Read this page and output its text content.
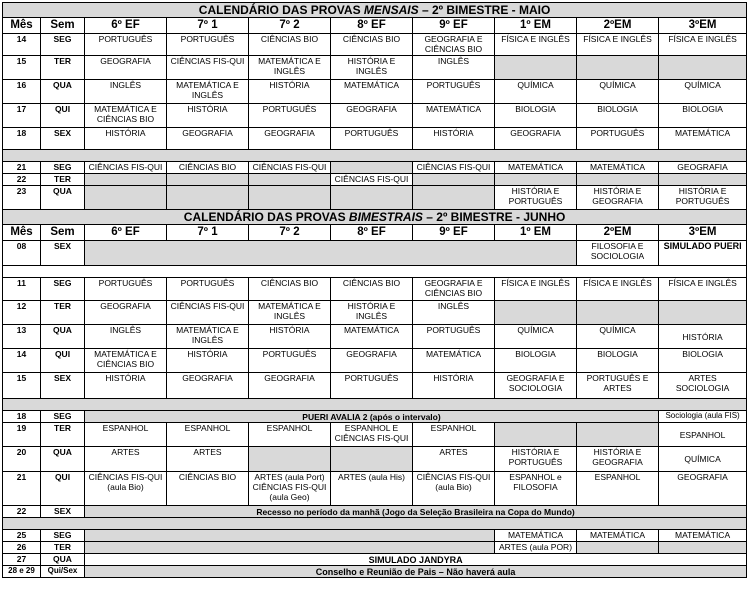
CALENDÁRIO DAS PROVAS MENSAIS – 2º BIMESTRE - MAIO									
Mês	Sem	6º EF	7º 1	7º 2	8º EF	9º EF	1º EM	2ºEM	3ºEM
14	SEG	PORTUGUÊS	PORTUGUÊS	CIÊNCIAS BIO	CIÊNCIAS BIO	GEOGRAFIA E CIÊNCIAS BIO	FÍSICA E INGLÊS	FÍSICA E INGLÊS	FÍSICA E INGLÊS
15	TER	GEOGRAFIA	CIÊNCIAS FIS-QUI	MATEMÁTICA E INGLÊS	HISTÓRIA E INGLÊS	INGLÊS			
16	QUA	INGLÊS	MATEMÁTICA E INGLÊS	HISTÓRIA	MATEMÁTICA	PORTUGUÊS	QUÍMICA	QUÍMICA	QUÍMICA
17	QUI	MATEMÁTICA E CIÊNCIAS BIO	HISTÓRIA	PORTUGUÊS	GEOGRAFIA	MATEMÁTICA	BIOLOGIA	BIOLOGIA	BIOLOGIA
18	SEX	HISTÓRIA	GEOGRAFIA	GEOGRAFIA	PORTUGUÊS	HISTÓRIA	GEOGRAFIA	PORTUGUÊS	MATEMÁTICA

21	SEG	CIÊNCIAS FIS-QUI	CIÊNCIAS BIO	CIÊNCIAS FIS-QUI		CIÊNCIAS FIS-QUI	MATEMÁTICA	MATEMÁTICA	GEOGRAFIA
22	TER				CIÊNCIAS FIS-QUI				
23	QUA						HISTÓRIA E PORTUGUÊS	HISTÓRIA E GEOGRAFIA	HISTÓRIA E PORTUGUÊS
CALENDÁRIO DAS PROVAS BIMESTRAIS – 2º BIMESTRE - JUNHO									
Mês	Sem	6º EF	7º 1	7º 2	8º EF	9º EF	1º EM	2ºEM	3ºEM
08	SEX							FILOSOFIA E SOCIOLOGIA	SIMULADO PUERI

11	SEG	PORTUGUÊS	PORTUGUÊS	CIÊNCIAS BIO	CIÊNCIAS BIO	GEOGRAFIA E CIÊNCIAS BIO	FÍSICA E INGLÊS	FÍSICA E INGLÊS	FÍSICA E INGLÊS
12	TER	GEOGRAFIA	CIÊNCIAS FIS-QUI	MATEMÁTICA E INGLÊS	HISTÓRIA E INGLÊS	INGLÊS			
13	QUA	INGLÊS	MATEMÁTICA E INGLÊS	HISTÓRIA	MATEMÁTICA	PORTUGUÊS	QUÍMICA	QUÍMICA	HISTÓRIA
14	QUI	MATEMÁTICA E CIÊNCIAS BIO	HISTÓRIA	PORTUGUÊS	GEOGRAFIA	MATEMÁTICA	BIOLOGIA	BIOLOGIA	BIOLOGIA
15	SEX	HISTÓRIA	GEOGRAFIA	GEOGRAFIA	PORTUGUÊS	HISTÓRIA	GEOGRAFIA E SOCIOLOGIA	PORTUGUÊS E ARTES	ARTES SOCIOLOGIA

18	SEG	PUERI AVALIA 2 (após o intervalo)							Sociologia (aula FIS)
19	TER	ESPANHOL	ESPANHOL	ESPANHOL	ESPANHOL E CIÊNCIAS FIS-QUI	ESPANHOL			ESPANHOL
20	QUA	ARTES	ARTES			ARTES	HISTÓRIA E PORTUGUÊS	HISTÓRIA E GEOGRAFIA	QUÍMICA
21	QUI	CIÊNCIAS FIS-QUI (aula Bio)	CIÊNCIAS BIO	ARTES (aula Port) CIÊNCIAS FIS-QUI (aula Geo)	ARTES (aula His)	CIÊNCIAS FIS-QUI (aula Bio)	ESPANHOL e FILOSOFIA	ESPANHOL	GEOGRAFIA
22	SEX	Recesso no período da manhã (Jogo da Seleção Brasileira na Copa do Mundo)							

25	SEG						MATEMÁTICA	MATEMÁTICA	MATEMÁTICA
26	TER						ARTES (aula POR)		
27	QUA	SIMULADO JANDYRA							
28 e 29	Qui/Sex	Conselho e Reunião de Pais – Não haverá aula							
